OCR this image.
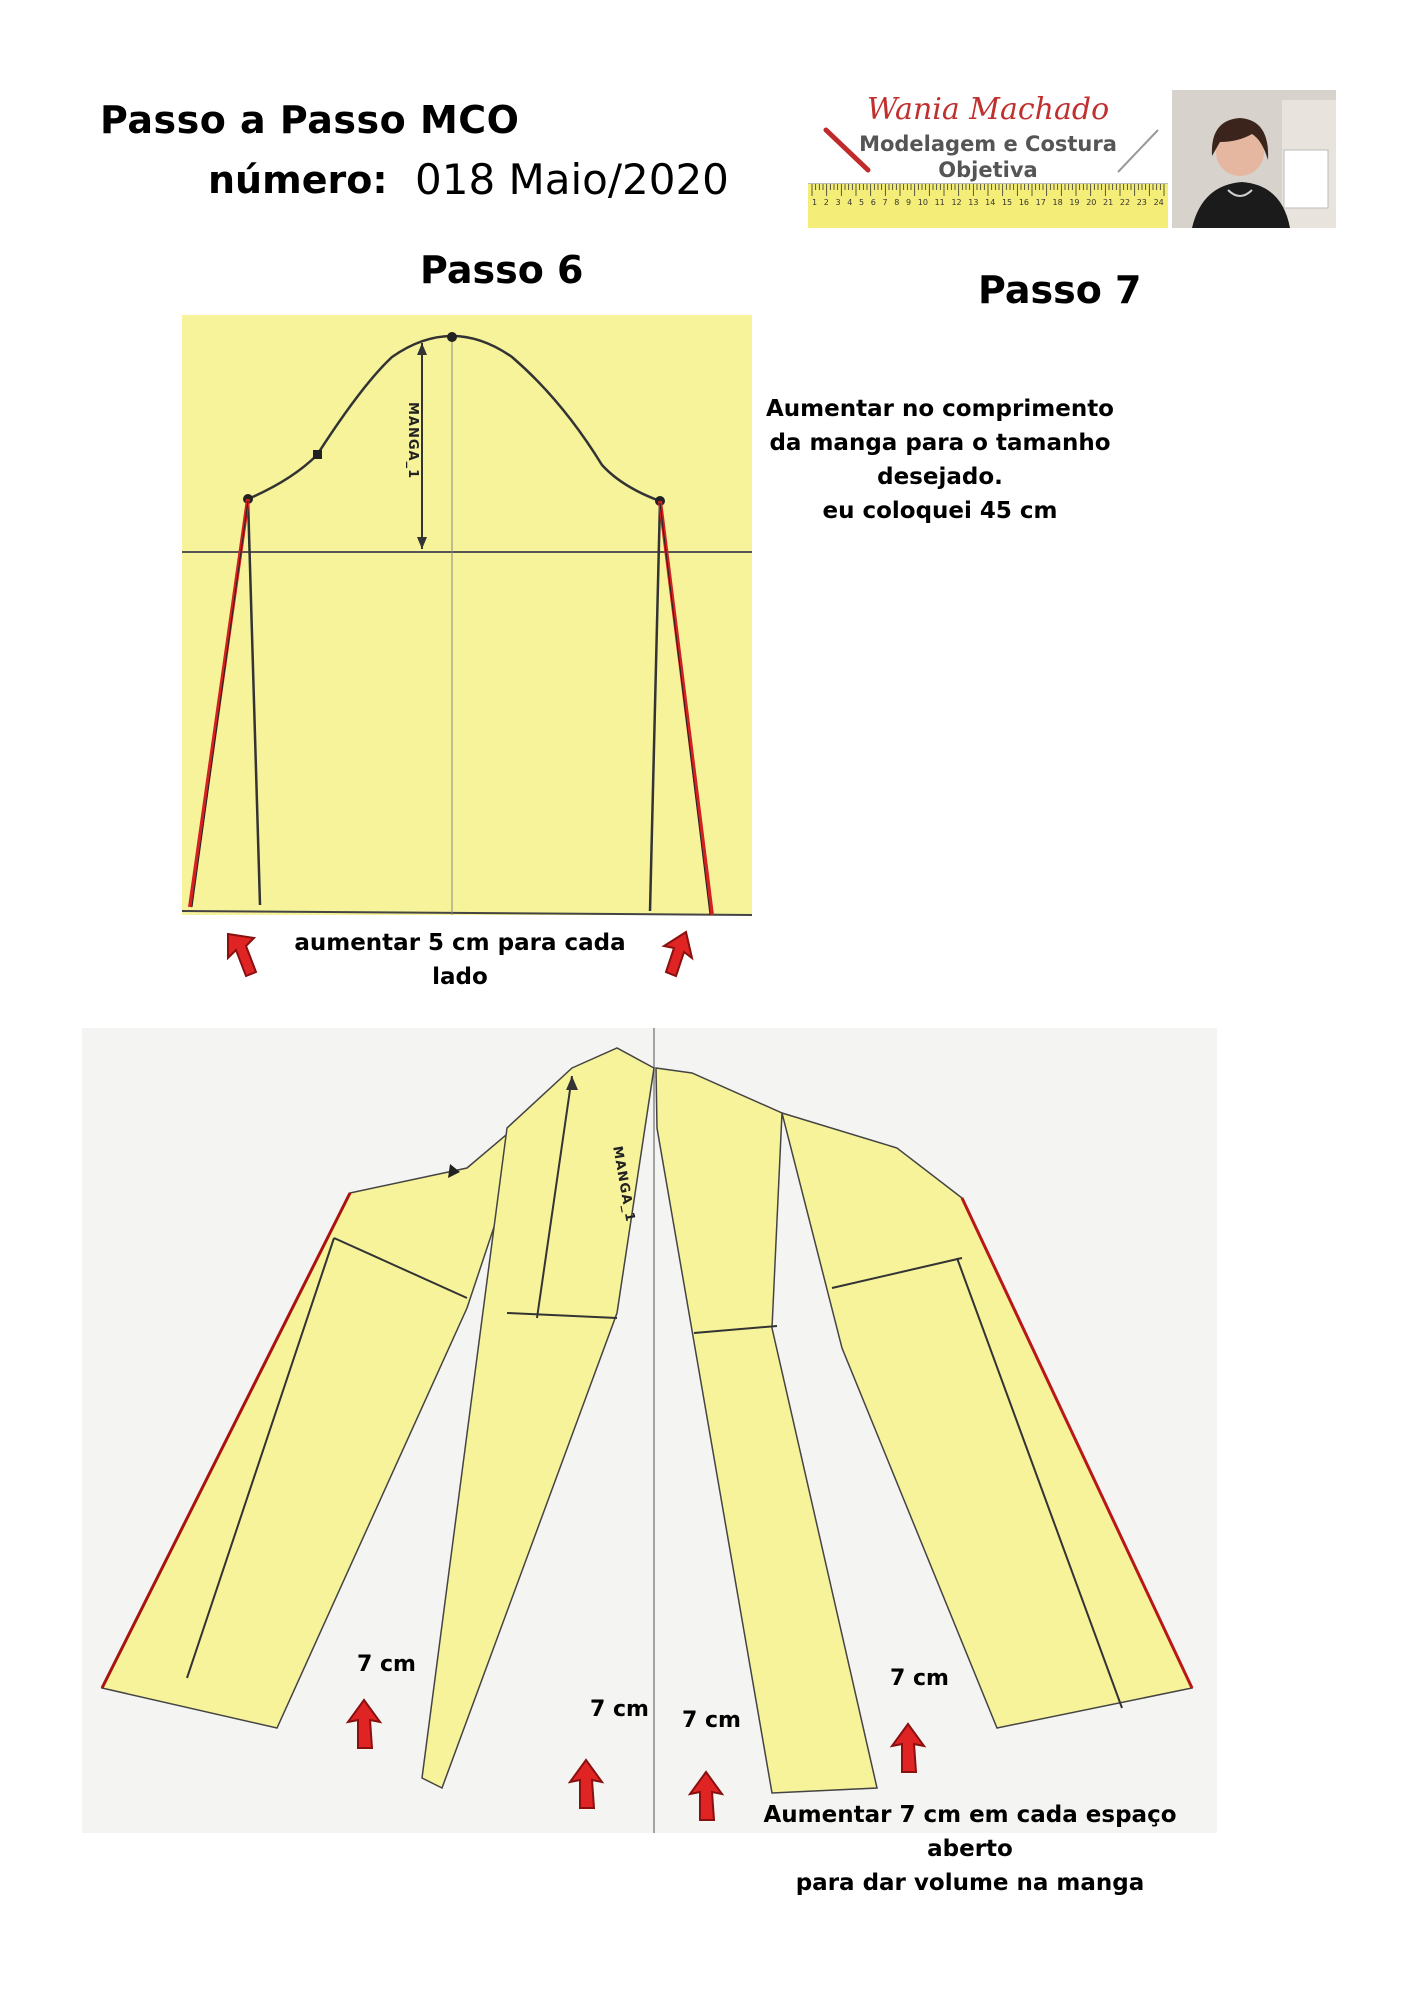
Passo a Passo MCO
número: 018 Maio/2020
Wania Machado
Modelagem e Costura
Objetiva
1 2 3 4 5 6 7 8 9 10 11 12 13 14 15 16 17 18 19 20 21 22 23 24
Passo 6	Passo 7
Aumentar no comprimento
da manga para o tamanho
desejado.
eu coloquei 45 cm
MANGA_1
aumentar 5 cm para cada
lado
MANGA_1
7 cm
7 cm 7 cm
7 cm
Aumentar 7 cm em cada espaço aberto
para dar volume na manga
